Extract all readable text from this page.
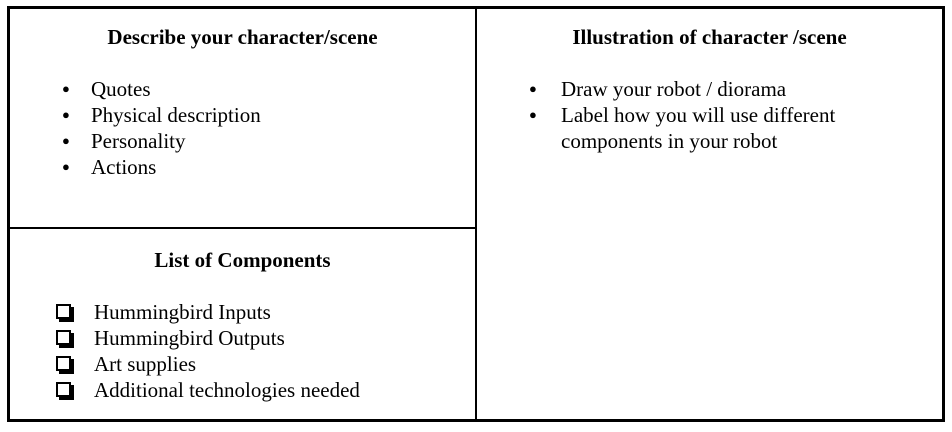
Describe your character/scene
●	Quotes
●	Physical description
●	Personality
●	Actions
List of Components
Hummingbird Inputs
Hummingbird Outputs
Art supplies
Additional technologies needed
Illustration of character /scene
●	Draw your robot / diorama
●	Label how you will use different components in your robot
